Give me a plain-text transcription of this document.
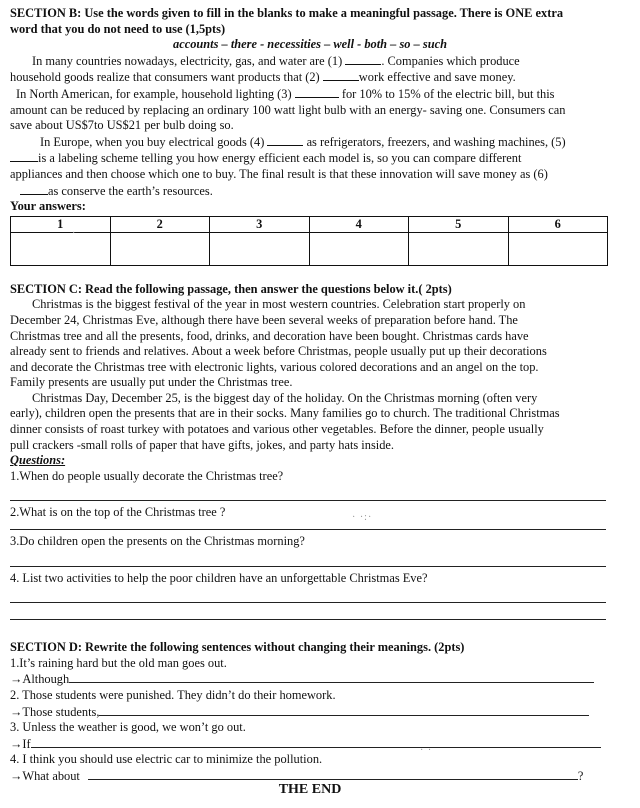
SECTION B: Use the words given to fill in the blanks to make a meaningful passage. There is ONE extra
word that you do not need to use (1,5pts)
accounts – there - necessities – well - both – so – such
In many countries nowadays, electricity, gas, and water are (1)	. Companies which produce
household goods realize that consumers want products that (2)	work effective and save money.
In North American, for example, household lighting (3)	for 10% to 15% of the electric bill, but this
amount can be reduced by replacing an ordinary 100 watt light bulb with an energy- saving one. Consumers can
save about US$7to US$21 per bulb doing so.
In Europe, when you buy electrical goods (4)	as refrigerators, freezers, and washing machines, (5)
is a labeling scheme telling you how energy efficient each model is, so you can compare different
appliances and then choose which one to buy. The final result is that these innovation will save money as (6)
as conserve the earth’s resources.
Your answers:
1	2	3	4	5	6

SECTION C: Read the following passage, then answer the questions below it.( 2pts)
Christmas is the biggest festival of the year in most western countries. Celebration start properly on
December 24, Christmas Eve, although there have been several weeks of preparation before hand. The
Christmas tree and all the presents, food, drinks, and decoration have been bought. Christmas cards have
already sent to friends and relatives. About a week before Christmas, people usually put up their decorations
and decorate the Christmas tree with electronic lights, various colored decorations and an angel on the top.
Family presents are usually put under the Christmas tree.
Christmas Day, December 25, is the biggest day of the holiday. On the Christmas morning (often very
early), children open the presents that are in their socks. Many families go to church. The traditional Christmas
dinner consists of roast turkey with potatoes and various other vegetables. Before the dinner, people usually
pull crackers -small rolls of paper that have gifts, jokes, and party hats inside.
Questions:
1.When do people usually decorate the Christmas tree?
2.What is on the top of the Christmas tree ?
3.Do children open the presents on the Christmas morning?
4. List two activities to help the poor children have an unforgettable Christmas Eve?
SECTION D: Rewrite the following sentences without changing their meanings. (2pts)
1.It’s raining hard but the old man goes out.
→Although
2. Those students were punished. They didn’t do their homework.
→Those students,
3. Unless the weather is good, we won’t go out.
→If
4. I think you should use electric car to minimize the pollution.
→What about	?
THE END
· ·:·
·
· ·
